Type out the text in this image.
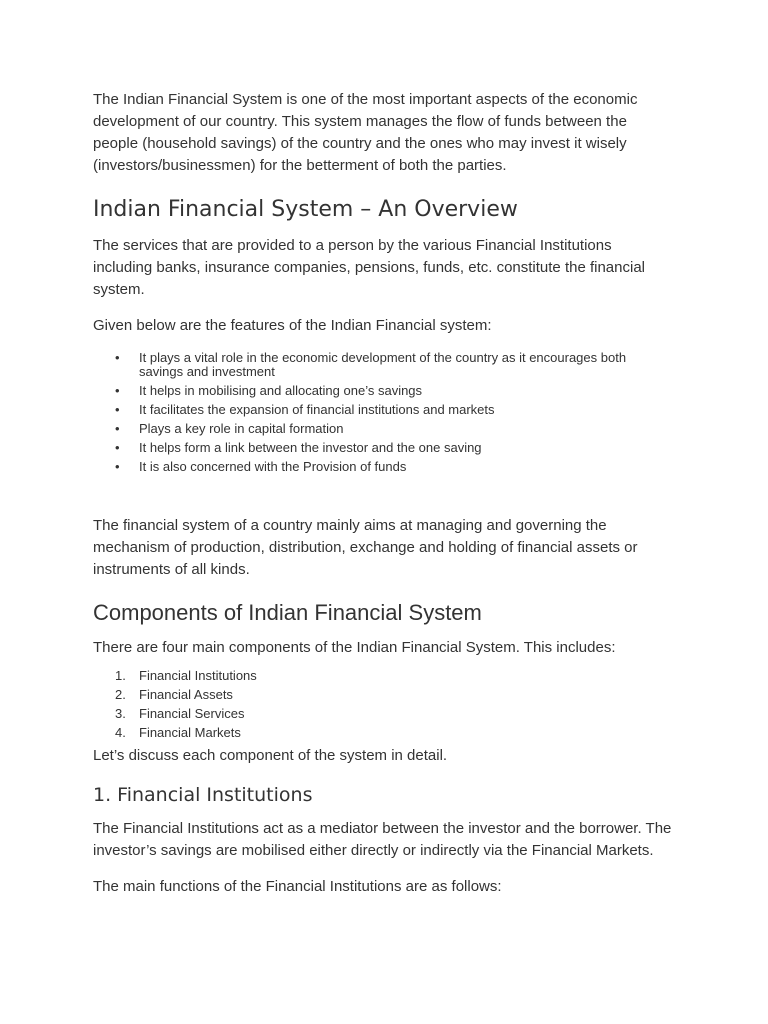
The Indian Financial System is one of the most important aspects of the economic development of our country. This system manages the flow of funds between the people (household savings) of the country and the ones who may invest it wisely (investors/businessmen) for the betterment of both the parties.

Indian Financial System – An Overview

The services that are provided to a person by the various Financial Institutions including banks, insurance companies, pensions, funds, etc. constitute the financial system.

Given below are the features of the Indian Financial system:

• It plays a vital role in the economic development of the country as it encourages both savings and investment
• It helps in mobilising and allocating one’s savings
• It facilitates the expansion of financial institutions and markets
• Plays a key role in capital formation
• It helps form a link between the investor and the one saving
• It is also concerned with the Provision of funds

The financial system of a country mainly aims at managing and governing the mechanism of production, distribution, exchange and holding of financial assets or instruments of all kinds.

Components of Indian Financial System

There are four main components of the Indian Financial System. This includes:

1. Financial Institutions
2. Financial Assets
3. Financial Services
4. Financial Markets

Let’s discuss each component of the system in detail.

1. Financial Institutions

The Financial Institutions act as a mediator between the investor and the borrower. The investor’s savings are mobilised either directly or indirectly via the Financial Markets.

The main functions of the Financial Institutions are as follows:
